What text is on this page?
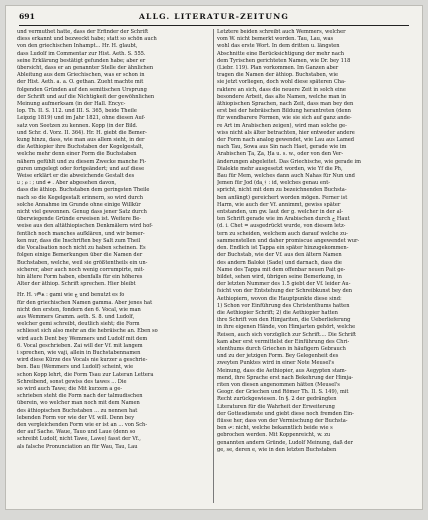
691	ALLG. LITERATUR-ZEITUNG
und vermuthet hatte, dass der Erfinder der Schrift
diess erkannt und bezweckt habe; statt so schön auch
von den griechischen Inhampt... Hr. H. glaubt,
dass Ludolf im Commentar zur Hist. Aeth. S. 555.
seine Erklärung bestätigt gefunden habe; aber er
übersicht, dass er an genannter Stelle der ähnlichen
Ableitung aus dem Griechischen, was er schon in
der Hist. Aeth. a. a. O. gethan. Zueht machte mit
folgenden Gründen auf den semitischen Ursprung
der Schrift und auf die Nichtigkeit der gewöhnlichen
Meinung aufmerksam (in der Hall. Encyc-
lop. Th. II. S. 112. und III. S. 365, beide Theile
Leipzig 1819) und im Jahr 1821, ohne diesen Auf-
satz von Seetzen zu kennen. Kopp (in der Bild.
und Schr. d. Vorz. II. 364). Hr. H. giebt die Bemer-
kung hinzu, dass, wie man aus allem sieht, in der
die Aethiopier ihre Buchstaben der Kegelgestalt,
welche mehr denn einer Form die Buchstaben
nähern gefühlt und zu diesem Zwecke manche Fi-
guren umgelegt oder fortgeändert; und auf diese
Weise erklärt er die abweichende Gestalt des
ע ; ዐ : ; und ቀ . Aber abgesehen davon,
dass die äthiop. Buchstaben dem geringsten Theile
nach so die Kegelgestalt erinnern, so wird durch
solche Annahme im Grunde ohne einige Willkür
nicht viel gewonnen. Genug dass jener Satz durch
überwiegende Gründe erweisen ist. Weitere Be-
weise aus den altäthiopischen Denkmälern wird hof-
fentlich noch manches aufklären, und wir bemer-
ken nur, dass die Inschriften bey Salt zum Theil
die Vocalisation noch nicht zu haben scheinen. Es
folgen einige Bemerkungen über die Namen der
Buchstaben, welche, weil sie größtentheils ein un-
sicherer, aber auch noch wenig corrumpirte, mit-
hin ältere Form haben, ebenfalls für ein höheres
Alter der äthiop. Schrift sprechen. Hier bleibt
Hr. H. ገምል : gami wie ج und benutzt es fo
für den griechischen Namen gamma. Aber jenes hat
nicht den ersten, fondern den 6. Vocal, wie man
aus Wemmers Gramm. aeth. S. 8. und Ludolf,
welcher gemi schreibt, deutlich sieht; die Form
schliesst sich also mehr an die hebräische an. Eben so
wird auch Dent bey Wemmers und Ludolf mit dem
6. Vocal geschrieben. Zai will der Vf. mit langem
i sprechen, wie vaji, allein in Buchstabennamen
wird diese Kürze des Vocals nie kurzer a geschrie-
ben. Bau (Wemmers und Ludolf) scheint, wie
schon Kopp lehrt, die Form Tsau zur Lateran Lettera
Schreibend, sonst gewiss des tawes ... Die
so wird auch Tawe; die Mit kurzem a ge-
schrieben steht die Form nach der talmudischen
überein, wo welcher man noch mit dem Namen
des äthiopischen Buchstaben ... zu nennen hat
lebenden Form vor wie der Vf. will. Denn bey
den vergleichenden Form wie er ist an ... von Sch-
der auf Sache. Waue, Tauo und Laue (denn so
schreibt Ludolf, nicht Tawe, Lawe) fasst der Vf.,
als falsche Pronunciation an für Wau, Tau, Lau
Letztere beiden schreibt auch Wemmers, welcher
vom W. nicht bemerkt worden. Tau, Lau, was
wohl das erste Wort. In dem dritten u. längsten
Abschnitte eine Berücksichtigung der mehr nach
dem Tyrischen gerichteten Namen, wie Dr. bey 118
(Liebr. 119). Plan vorkommen. Im Ganzen aber
tragen die Namen der äthiop. Buchstaben, wie
sie jetzt vorliegen, doch wohl diese späteren Cha-
raktere an sich, dass die neuere Zeit in solch eine
besondere Arbeit, das alte Namen, welche man in
äthiopischen Sprachen, nach Zeit, dass man bey den
erst bei der hebräischen Bildung herantreten (denn
für wendbarere Formen, wie sie sich auf ganz ande-
re Art im Arabischen zeigen), wird man solche ge-
wiss nicht als älter betrachten, hier entweder andere
der Form nach analog gewendet, wie Lau aus Lamed
nach Tau, Sowa aus Sin nach Haet, gerade wie im
Arabischen Ṭa, Ẓa, Ḥa u. s. w., oder von den Ver-
änderungen abgeleitet. Das Griechische, wie gerade im
Dialekte mehr ausgesetzt worden, wie Ỳf die Ph,
Ḃau für Mem, welches dann auch Nahas für Nun und
Jemen für Jod (da ̯ᚼ : id, welches genau ent-
spricht, nicht mit dem zu bezeichnenden Buchsta-
ben anfängt) gereichert worden mögen. Ferner ist
Harm, wie auch der Vf. annimmt, gewiss später
entstanden, um gw. laut der g. welcher in der al-
ten Schrift gerade wie im Arabischen durch ح Haut
(d. i. Chet = ausgedrückt wurde, von diesem letz-
tern zu scheiden, welchem auch darauf welche zu-
sammenstellen und daher promiscue angewendet wur-
den. Endlich ist Ṭappa ein später hinzugekommen-
der Buchstab, wie der Vf. aus den ältern Namen
des andern Baloké (Sade) und darnach, dass die
Name des Ṭappa mit dem offenbar neuen Pait ge-
bildet, sehen wird, übrigen seine Bemerkung, in
der letzten Nummer des 1.5 giebt der Vf. leider Au-
fsicht von der Entstehung der Schreibkunst bey den
Aethiopiern, wovon die Hauptpunkte diese sind:
1) Schon vor Einführung des Christenthums hatten
die Aethiopier Schrift; 2) die Aethiopier hatten
ihre Schrift von den Himjariten, die Ueberlieferung
in ihre eigenen Hände, von Himjarten gehört, welche
Reisen, auch sich vorzüglich zur Schrift.... Die Schrift
kam aber erst vermittelst der Einführung des Chri-
stenthums durch Griechen in häufigern Gebrauch
und zu der jetzigen Form. Bey Gelegenheit des
zweyten Punktes wird in einer Note Meusel's
Meinung, dass die Aethiopier, aus Aegypten stam-
mend, ihre Sprache erst nach Bekehrung der Himja-
riten von diesen angenommen hätten (Meusel's
Geogr. der Griechen und Römer Th. II. S. 149), mit
Recht zurückgewiesen. In §. 2 der gedrängten
Literaturen für die Wahrheit der Erweiterung
der Gottesdienste und giebt diese noch fremden Ein-
flüsse her, dass von der Vermischung der Buchsta-
ben ሠ: nicht, welche bekanntlich beide wie s
gebrochen werden. Mit Koppenreicht, w. zu
genannten andern Gründe, Ludolf Meinung, daß der
ge, se, deren e, wie in den letzten Buchstaben
